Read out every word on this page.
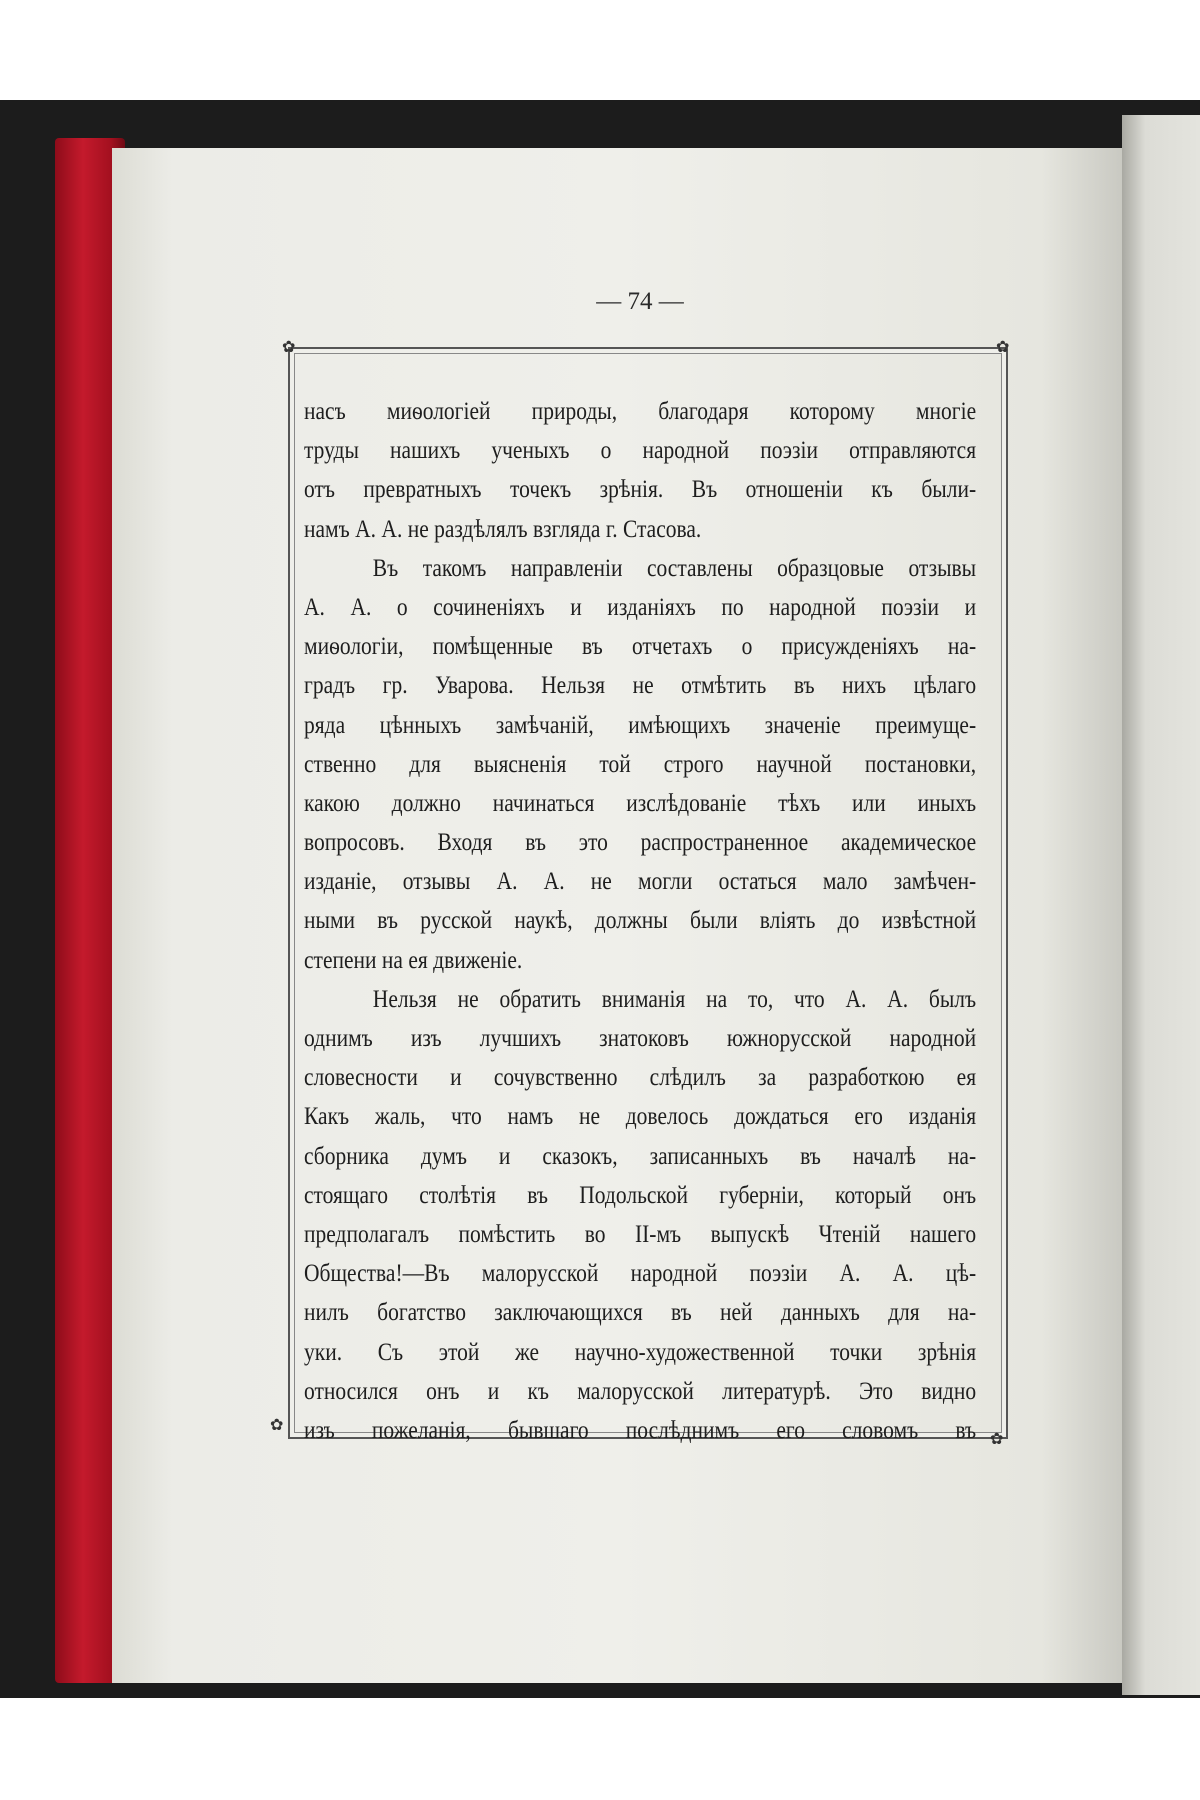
— 74 —
✿	✿
✿
✿
насъ миѳологіей природы, благодаря которому многіе
труды нашихъ ученыхъ о народной поэзіи отправляются
отъ превратныхъ точекъ зрѣнія. Въ отношеніи къ были-
намъ А. А. не раздѣлялъ взгляда г. Стасова.
Въ такомъ направленіи составлены образцовые отзывы
А. А. о сочиненіяхъ и изданіяхъ по народной поэзіи и
миѳологіи, помѣщенные въ отчетахъ о присужденіяхъ на-
градъ гр. Уварова. Нельзя не отмѣтить въ нихъ цѣлаго
ряда цѣнныхъ замѣчаній, имѣющихъ значеніе преимуще-
ственно для выясненія той строго научной постановки,
какою должно начинаться изслѣдованіе тѣхъ или иныхъ
вопросовъ. Входя въ это распространенное академическое
изданіе, отзывы А. А. не могли остаться мало замѣчен-
ными въ русской наукѣ, должны были вліять до извѣстной
степени на ея движеніе.
Нельзя не обратить вниманія на то, что А. А. былъ
однимъ изъ лучшихъ знатоковъ южнорусской народной
словесности и сочувственно слѣдилъ за разработкою ея
Какъ жаль, что намъ не довелось дождаться его изданія
сборника думъ и сказокъ, записанныхъ въ началѣ на-
стоящаго столѣтія въ Подольской губерніи, который онъ
предполагалъ помѣстить во II-мъ выпускѣ Чтеній нашего
Общества!—Въ малорусской народной поэзіи А. А. цѣ-
нилъ богатство заключающихся въ ней данныхъ для на-
уки. Съ этой же научно-художественной точки зрѣнія
относился онъ и къ малорусской литературѣ. Это видно
изъ пожеланія, бывшаго послѣднимъ его словомъ въ
